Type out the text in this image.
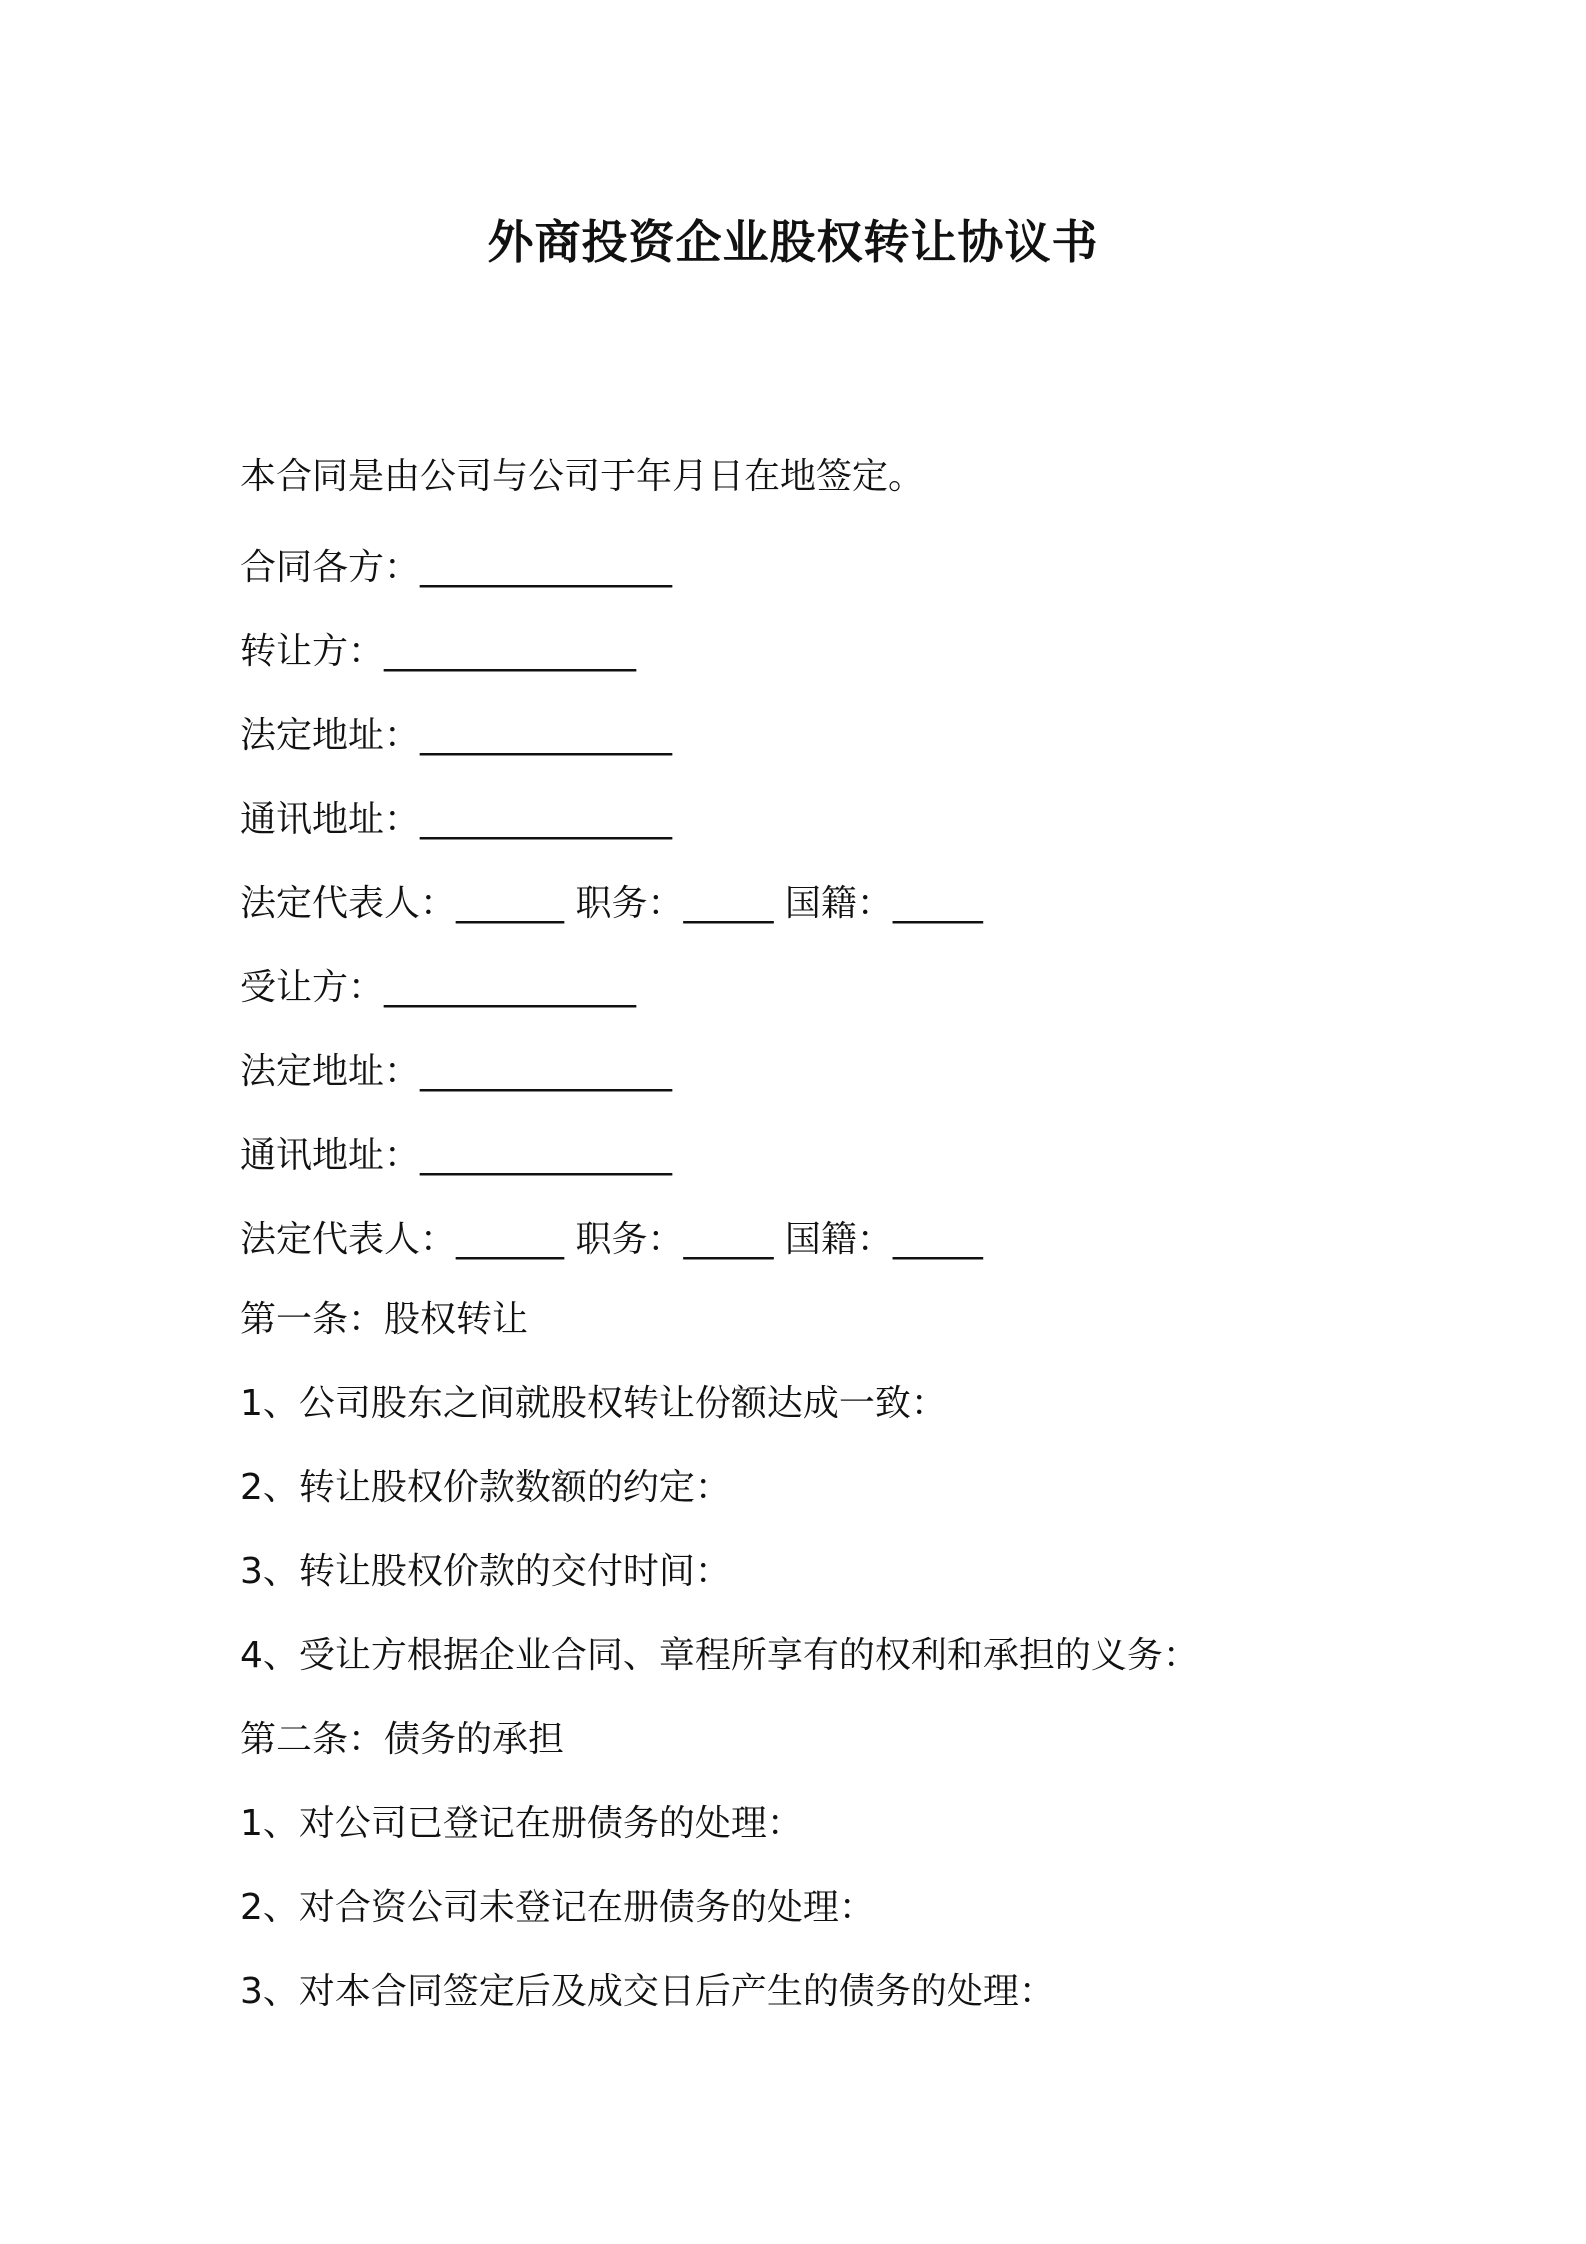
外商投资企业股权转让协议书
本合同是由公司与公司于年月日在地签定。
合同各方：______________
转让方：______________
法定地址：______________
通讯地址：______________
法定代表人：______ 职务：_____ 国籍：_____
受让方：______________
法定地址：______________
通讯地址：______________
法定代表人：______ 职务：_____ 国籍：_____
第一条：股权转让
1、公司股东之间就股权转让份额达成一致：
2、转让股权价款数额的约定：
3、转让股权价款的交付时间：
4、受让方根据企业合同、章程所享有的权利和承担的义务：
第二条：债务的承担
1、对公司已登记在册债务的处理：
2、对合资公司未登记在册债务的处理：
3、对本合同签定后及成交日后产生的债务的处理：
